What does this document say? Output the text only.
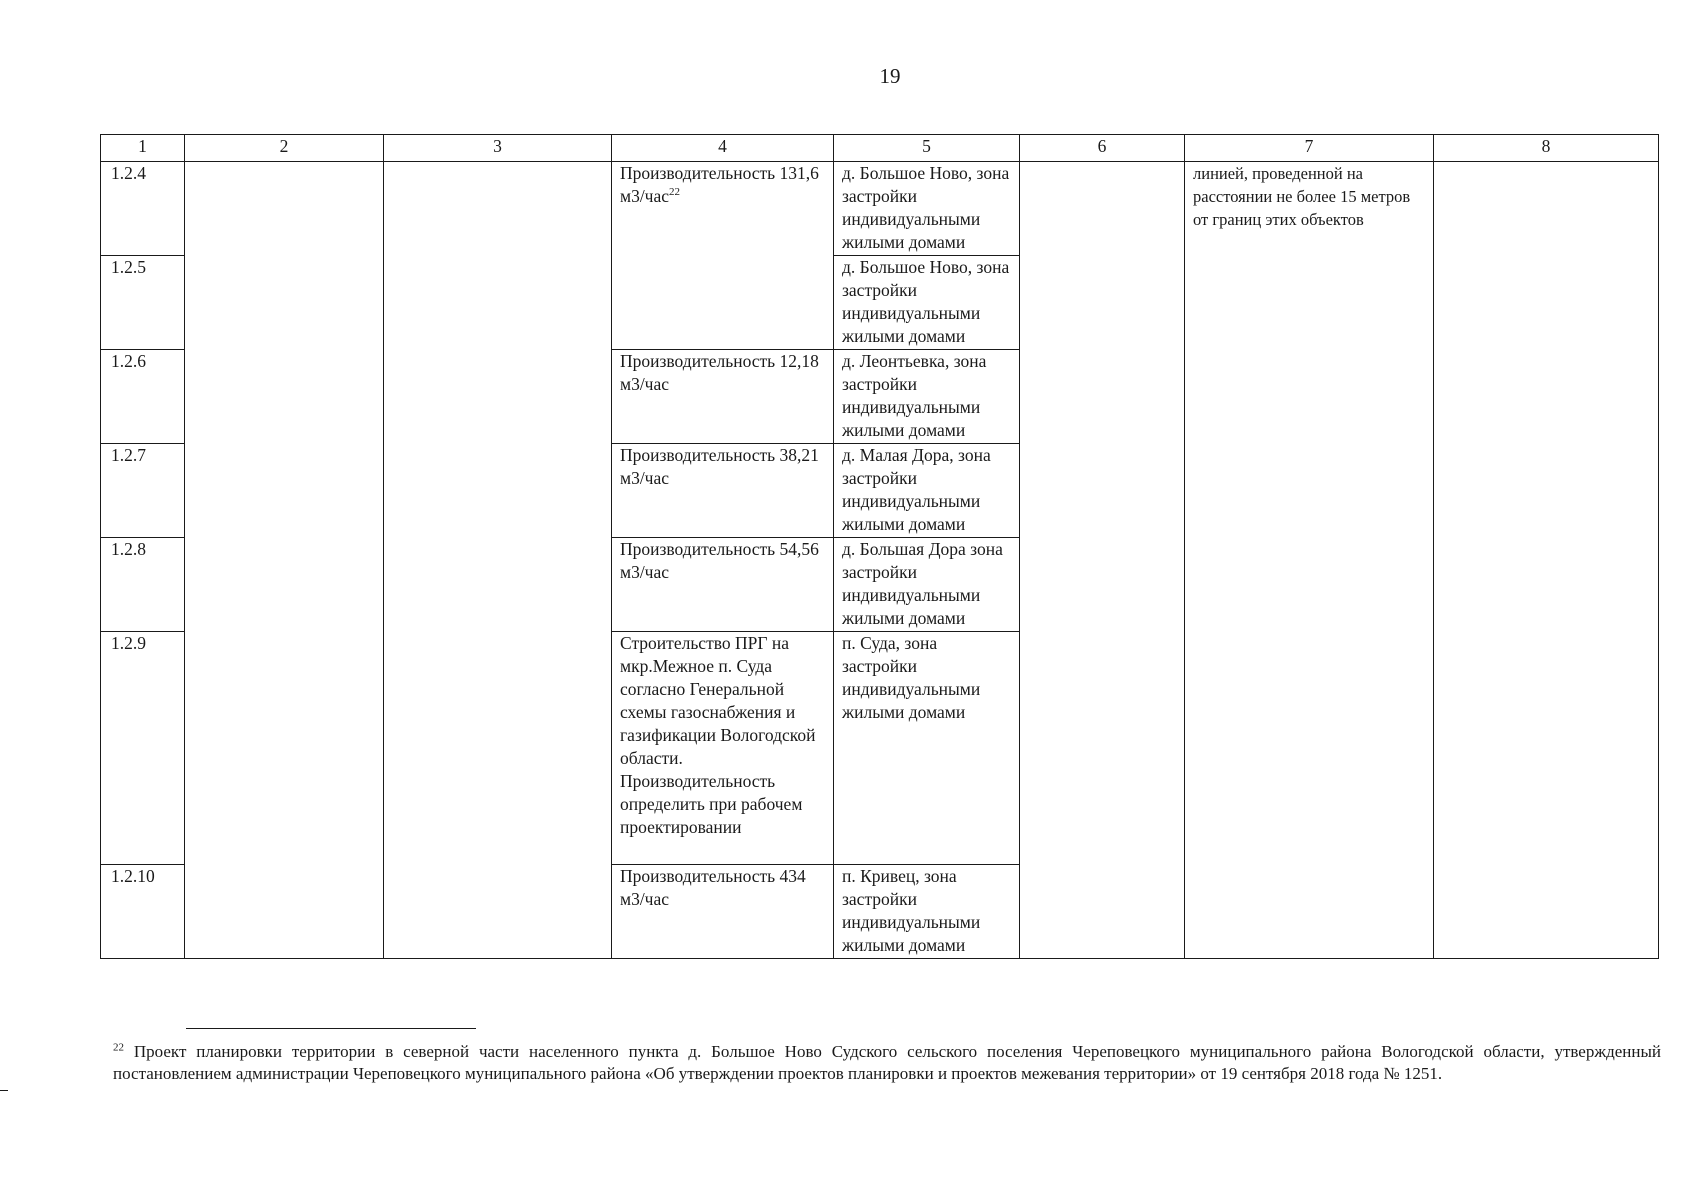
19
1	2	3	4	5	6	7	8
1.2.4			Производительность 131,6 м3/час$^{22}$	д. Большое Ново, зона застройки индивидуальными жилыми домами		линией, проведенной на расстоянии не более 15 метров от границ этих объектов	
1.2.5				д. Большое Ново, зона застройки индивидуальными жилыми домами			
1.2.6			Производительность 12,18 м3/час	д. Леонтьевка, зона застройки индивидуальными жилыми домами			
1.2.7			Производительность 38,21 м3/час	д. Малая Дора, зона застройки индивидуальными жилыми домами			
1.2.8			Производительность 54,56 м3/час	д. Большая Дора зона застройки индивидуальными жилыми домами			
1.2.9			Строительство ПРГ на мкр.Межное п. Суда согласно Генеральной схемы газоснабжения и газификации Вологодской области. Производительность определить при рабочем проектировании	п. Суда, зона застройки индивидуальными жилыми домами			
1.2.10			Производительность 434 м3/час	п. Кривец, зона застройки индивидуальными жилыми домами			
$^{22}$ Проект планировки территории в северной части населенного пункта д. Большое Ново Судского сельского поселения Череповецкого муниципального района Вологодской области, утвержденный постановлением администрации Череповецкого муниципального района «Об утверждении проектов планировки и проектов межевания территории» от 19 сентября 2018 года № 1251.
